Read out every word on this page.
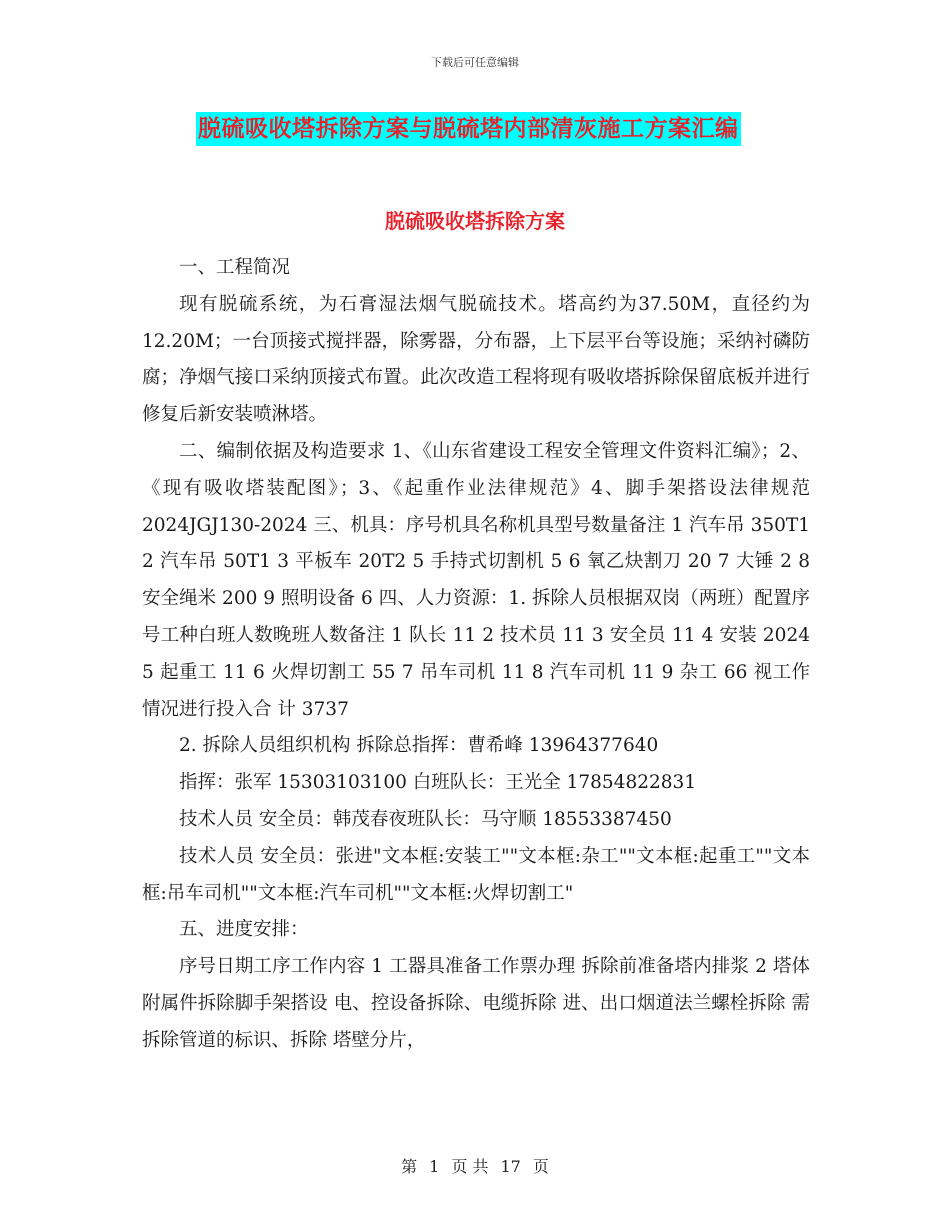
下载后可任意编辑
脱硫吸收塔拆除方案与脱硫塔内部清灰施工方案汇编
脱硫吸收塔拆除方案

一、工程简况

现有脱硫系统，为石膏湿法烟气脱硫技术。塔高约为37.50M，直径约为12.20M；一台顶接式搅拌器，除雾器，分布器，上下层平台等设施；采纳衬磷防腐；净烟气接口采纳顶接式布置。此次改造工程将现有吸收塔拆除保留底板并进行修复后新安装喷淋塔。

二、编制依据及构造要求 1、《山东省建设工程安全管理文件资料汇编》；2、《现有吸收塔装配图》；3、《起重作业法律规范》4、脚手架搭设法律规范 2024JGJ130-2024 三、机具：序号机具名称机具型号数量备注 1 汽车吊 350T1 2 汽车吊 50T1 3 平板车 20T2 5 手持式切割机 5 6 氧乙炔割刀 20 7 大锤 2 8 安全绳米 200 9 照明设备 6 四、人力资源：1. 拆除人员根据双岗（两班）配置序号工种白班人数晚班人数备注 1 队长 11 2 技术员 11 3 安全员 11 4 安装 2024 5 起重工 11 6 火焊切割工 55 7 吊车司机 11 8 汽车司机 11 9 杂工 66 视工作情况进行投入合 计 3737

2. 拆除人员组织机构 拆除总指挥：曹希峰 13964377640

指挥：张军 15303103100 白班队长：王光全 17854822831

技术人员 安全员：韩茂春夜班队长：马守顺 18553387450

技术人员 安全员：张进"文本框:安装工""文本框:杂工""文本框:起重工""文本框:吊车司机""文本框:汽车司机""文本框:火焊切割工"

五、进度安排：

序号日期工序工作内容 1 工器具准备工作票办理 拆除前准备塔内排浆 2 塔体附属件拆除脚手架搭设 电、控设备拆除、电缆拆除 进、出口烟道法兰螺栓拆除 需拆除管道的标识、拆除 塔壁分片，

第 1 页 共 17 页
